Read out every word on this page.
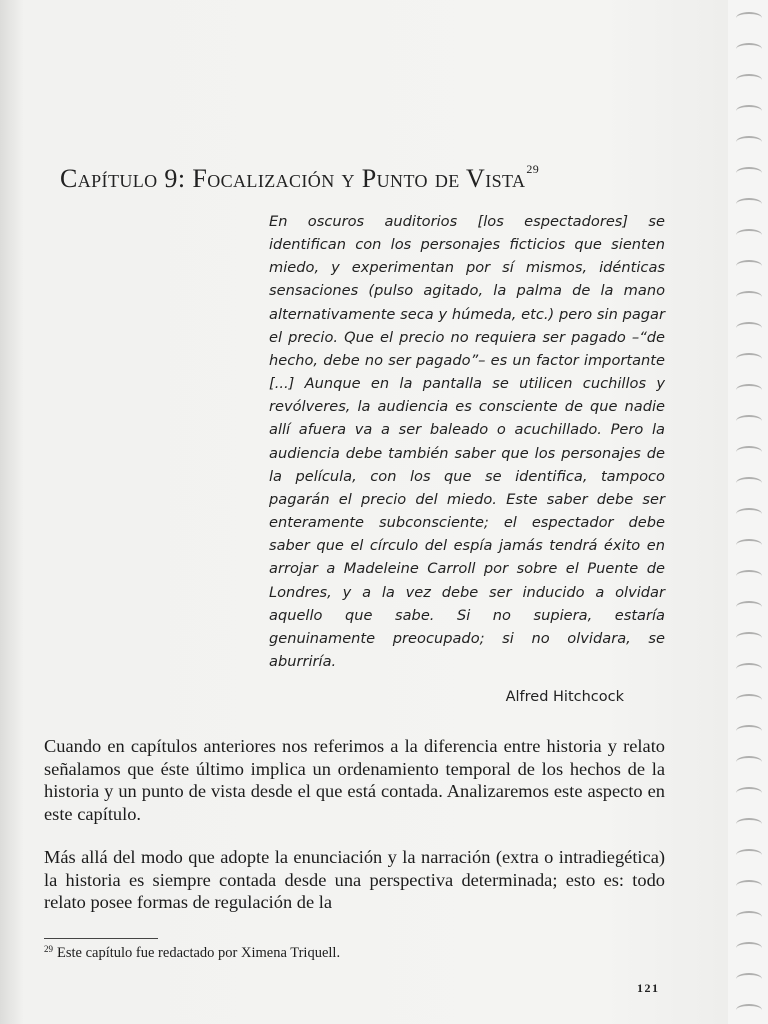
Capítulo 9: Focalización y Punto de Vista$^{29}$
En oscuros auditorios [los espectadores] se identifican con los personajes ficticios que sienten miedo, y experimentan por sí mismos, idénticas sensaciones (pulso agitado, la palma de la mano alternativamente seca y húmeda, etc.) pero sin pagar el precio. Que el precio no requiera ser pagado –“de hecho, debe no ser pagado”– es un factor importante [...] Aunque en la pantalla se utilicen cuchillos y revólveres, la audiencia es consciente de que nadie allí afuera va a ser baleado o acuchillado. Pero la audiencia debe también saber que los personajes de la película, con los que se identifica, tampoco pagarán el precio del miedo. Este saber debe ser enteramente subconsciente; el espectador debe saber que el círculo del espía jamás tendrá éxito en arrojar a Madeleine Carroll por sobre el Puente de Londres, y a la vez debe ser inducido a olvidar aquello que sabe. Si no supiera, estaría genuinamente preocupado; si no olvidara, se aburriría.
Alfred Hitchcock

Cuando en capítulos anteriores nos referimos a la diferencia entre historia y relato señalamos que éste último implica un ordenamiento temporal de los hechos de la historia y un punto de vista desde el que está contada. Analizaremos este aspecto en este capítulo.

Más allá del modo que adopte la enunciación y la narración (extra o intradiegética) la historia es siempre contada desde una perspectiva determinada; esto es: todo relato posee formas de regulación de la

$^{29}$ Este capítulo fue redactado por Ximena Triquell.
121
